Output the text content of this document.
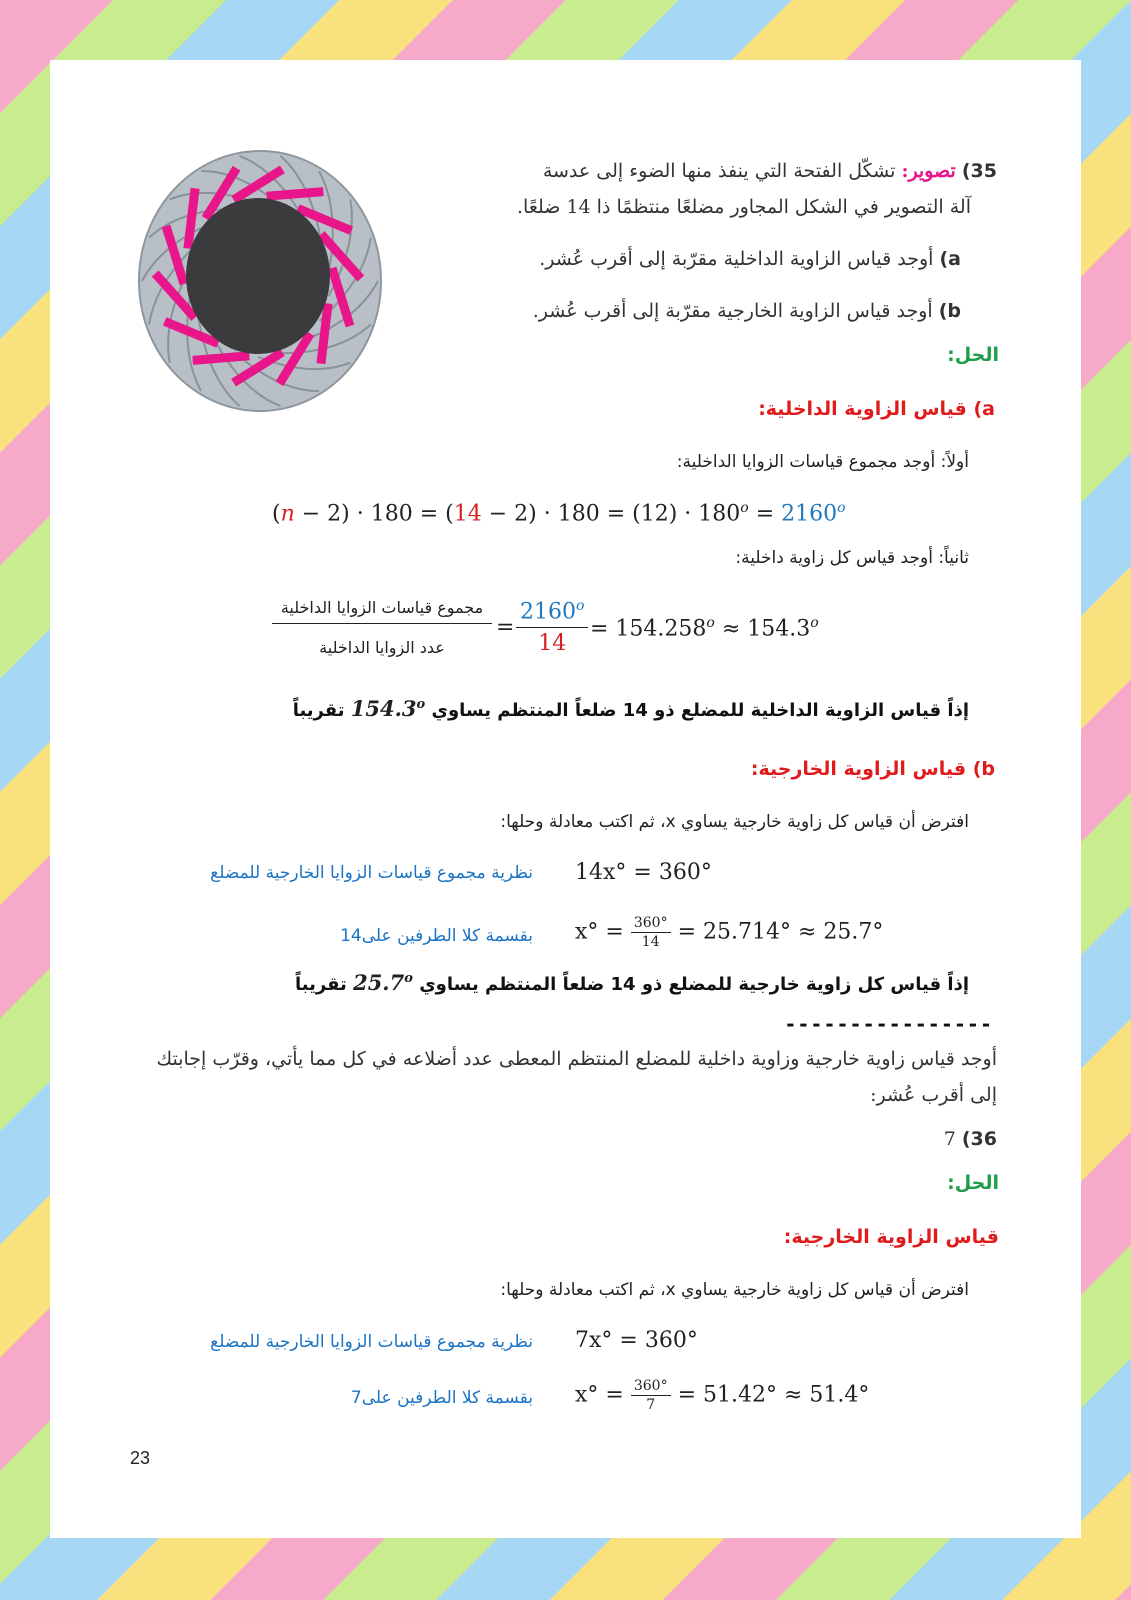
35) تصوير: تشكّل الفتحة التي ينفذ منها الضوء إلى عدسة
آلة التصوير في الشكل المجاور مضلعًا منتظمًا ذا 14 ضلعًا.
a) أوجد قياس الزاوية الداخلية مقرّبة إلى أقرب عُشر.
b) أوجد قياس الزاوية الخارجية مقرّبة إلى أقرب عُشر.
الحل:
a) قياس الزاوية الداخلية:
أولاً: أوجد مجموع قياسات الزوايا الداخلية:
$(n - 2) \cdot 180 = (14 - 2) \cdot 180 = (12) \cdot 180^o = 2160^o$
ثانياً: أوجد قياس كل زاوية داخلية:
مجموع قياسات الزوايا الداخلية
عدد الزوايا الداخلية
= $\frac{2160^o}{14} = 154.258^o \approx 154.3^o$
إذاً قياس الزاوية الداخلية للمضلع ذو 14 ضلعاً المنتظم يساوي 154.3$^o$ تقريباً
b) قياس الزاوية الخارجية:
افترض أن قياس كل زاوية خارجية يساوي x، ثم اكتب معادلة وحلها:
14x° = 360°
نظرية مجموع قياسات الزوايا الخارجية للمضلع
$x^\circ = \frac{360^\circ}{14} = 25.714^\circ \approx 25.7^\circ$
بقسمة كلا الطرفين على14
إذاً قياس كل زاوية خارجية للمضلع ذو 14 ضلعاً المنتظم يساوي 25.7$^o$ تقريباً
----------------
أوجد قياس زاوية خارجية وزاوية داخلية للمضلع المنتظم المعطى عدد أضلاعه في كل مما يأتي، وقرّب إجابتك
إلى أقرب عُشر:
36) 7
الحل:
قياس الزاوية الخارجية:
افترض أن قياس كل زاوية خارجية يساوي x، ثم اكتب معادلة وحلها:
7x° = 360°
نظرية مجموع قياسات الزوايا الخارجية للمضلع
$x^\circ = \frac{360^\circ}{7} = 51.42^\circ \approx 51.4^\circ$
بقسمة كلا الطرفين على7
23
